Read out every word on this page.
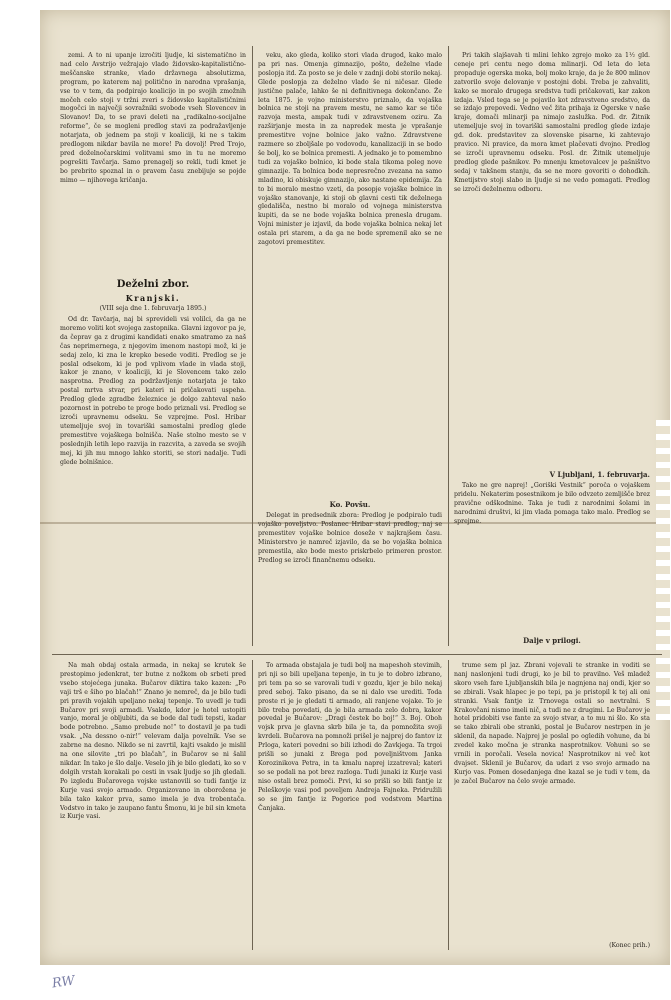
zemi. A to ni upanje izročiti ljudje, ki sistematično in nad celo Avstrijo vežrajajo vlado židovsko-kapitalistično-meščanske stranke, vlado državnega absolutizma, program, po katerem naj politično in narodna vprašanja, vse to v tem, da podpirajo koalicijo in po svojih zmožnih močeh celo stoji v tržni zveri s židovsko kapitalističnimi mogočci in največji sovražniki svobode vseh Slovencev in Slovanov! Da, to se pravi deleti na „radikalno-socijalne reforme“, če se mogleni predlog stavi za podražavljenje notarjata, ob jednem pa stoji v koaliciji, ki ne s takim predlogom nikdar bavila ne more! Pa dovolj! Pred Trojo, pred doželnočarskimi volitvami smo in tu ne moremo pogrešiti Tavčarja. Samo prenagelj so rekli, tudi kmet je bo prebrito spoznal in o pravem času znebijuje se pojde mimo — njihovega kričanja.

Deželni zbor.
Kranjski.
(VIII seja dne 1. februvarja 1895.)

Od dr. Tavčarja, naj bi sprevideli vsi volilci, da ga ne moremo voliti kot svojega zastopnika. Glavni izgovor pa je, da čeprav ga z drugimi kandidati enako smatramo za naš čas neprimernega, z njegovim imenom nastopi mož, ki je sedaj zelo, ki zna le krepko besede voditi. Predlog se je poslal odsekom, ki je pod vplivom vlade in vlada stoji, kakor je znano, v koaliciji, ki je Slovencem tako zelo nasprotna. Predlog za podržavljenje notarjata je tako postal mrtva stvar, pri kateri ni pričakovati uspeha. Predlog glede zgradbe železnice je dolgo zahteval našo pozornost in potrebo te proge bodo priznali vsi. Predlog se izroči upravnemu odseku. Se vzprejme. Posl. Hribar utemeljuje svoj in tovariški samostalni predlog glede premestitve vojaškega bolnišča. Naše stolno mesto se v poslednjih letih lepo razvija in razcvita, a zaveda se svojih mej, ki jih mu mnogo lahko storiti, se stori nadalje. Tudi glede bolnišnice.

veku, ako gleda, koliko stori vlada drugod, kako malo pa pri nas. Omenja gimnazijo, pošto, deželne vlade poslopja itd. Za posto se je dele v zadnji dobi storilo nekaj. Glede poslopja za deželno vlado še ni ničesar. Glede justične palače, lahko še ni definitivnega dokončano. Že leta 1875. je vojno ministerstvo priznalo, da vojaška bolnica ne stoji na pravem mestu, ne samo kar se tiče razvoja mesta, ampak tudi v zdravstvenem oziru. Za razširjanje mesta in za napredek mesta je vprašanje premestitve vojne bolnice jako važno. Zdravstvene razmere so zboljšale po vodovodu, kanalizaciji in se bodo še bolj, ko se bolnica premesti. A jednako je to pomembno tudi za vojaško bolnico, ki bode stala tikoma poleg nove gimnazije. Ta bolnica bode nepresrečno zvezana na samo mladino, ki obiskuje gimnazijo, ako nastane epidemija. Za to bi moralo mestno vzeti, da posopje vojaške bolnice in vojaško stanovanje, ki stoji ob glavni cesti tik deželnega gledališča, nestno bi moralo od vojnega ministerstva kupiti, da se ne bode vojaška bolnica prenesla drugam. Vojni minister je izjavil, da bode vojaška bolnica nekaj let ostala pri starem, a da ga ne bode spremenil ako se ne zagotovi premestitev.

Ko. Povšu.

Delegat in predsednik zbora: Predlog je podpiralo tudi vojaško poveljstvo. Poslanec Hribar stavi predlog, naj se premestitev vojaške bolnice doseže v najkrajšem času. Ministerstvo je namreč izjavilo, da se bo vojaška bolnica premestila, ako bode mesto priskrbelo primeren prostor. Predlog se izroči finančnemu odseku.

Pri takih slajšavah ti mlini lehko zgrejo moko za 1½ gld. ceneje pri centu nego doma mlinarji. Od leta do leta propaduje ogerska moka, bolj moko kraje, da je že 800 mlinov zatvorilo svoje delovanje v postojni dobi. Treba je zahvaliti, kako se moralo drugega sredstva tudi pričakovati, kar zakon izdaja. Vsled tega se je pojavilo kot zdravstveno sredstvo, da se izdajo prepovedi. Vedno več žita prihaja iz Ogerske v naše kraje, domači mlinarji pa nimajo zaslužka. Pod. dr. Žitnik utemeljuje svoj in tovariški samostalni predlog glede izdaje gd. dok. predstavitev za slovenske pisarne, ki zahtevajo pravico. Ni pravice, da mora kmet plačevati dvojno. Predlog se izroči upravnemu odseku. Posl. dr. Žitnik utemeljuje predlog glede pašnikov. Po mnenju kmetovalcev je pašništvo sedaj v takšnem stanju, da se ne more govoriti o dohodkih. Kmetijstvo stoji slabo in ljudje si ne vedo pomagati. Predlog se izroči deželnemu odboru.

V Ljubljani, 1. februvarja.

Tako ne gre naprej! „Goriški Vestnik“ poroča o vojaškem pridelu. Nekaterim posestnikom je bilo odvzeto zemljišče brez pravične odškodnine. Taka je tudi z narodnimi šolami in narodnimi društvi, ki jim vlada pomaga tako malo. Predlog se sprejme.

Dalje v prilogi.

Na mah obdaj ostala armada, in nekaj se krutek še prestopimo jedenkrat, ter butne z nožkom ob srbeti pred vsebo stojećega junaka. Bučarov diktira tako kazen: „Po vaji trš e šiho po blačah!“ Znano je nemreč, da je bilo tudi pri pravih vojakih upeljano nekaj tepenje. To uvedl je tudi Bučarov pri svoji armadi. Vsakdo, kdor je hotel ustopiti vanjo, moral je obljubiti, da se bode dal tudi tepsti, kadar bode potrebno. „Samo prebude no!“ to dostavil je pa tudi vsak. „Na dessno o-nir!“ velevam dalja povelnik. Vse se zabrne na desno. Nikdo se ni zavrtil, kajti vsakdo je mislil na one silovite „tri po blačah“, in Bučarov se ni šalil nikdar. In tako je šlo dalje. Veselo jih je bilo gledati, ko so v dolgih vrstah korakali po cesti in vsak ljudje so jih gledali. Po izgledu Bučarovega vojske ustanovili so tudi fantje iz Kurje vasi svojo armado. Organizovano in oborožena je bila tako kakor prva, samo imela je dva trobentača. Vodstvo in tako je zaupano fantu Šmonu, ki je bil sin kmeta iz Kurje vasi.

To armada obstajala je tudi bolj na mapeshoh stevimih, pri nji so bili upeljana tepenje, in tu je to dobro izbrano, pri tem pa so se varovali tudi v gozdu, kjer je bilo nekaj pred seboj. Tako pisano, da se ni dalo vse urediti. Toda proste ri je je gledati ti armado, ali ranjene vojake. To je bilo treba povedati, da je bila armada zelo dobra, kakor povedal je Bučarov: „Dragi čestek bo boj!“ 3. Boj. Oboh vojsk prva je glavna skrb bila je ta, da pomnožita svoji kvrdeli. Bučarova na pomnoži prišel je najprej do fantov iz Prloga, kateri povedni so bili izhodi do Žavkjega. Ta trgoi prišli so junaki z Brega pod poveljništvom Janka Korozinikova Petra, in ta kmalu naprej izzatreval; kateri so se podali na pot brez razloga. Tudi junaki iz Kurje vasi niso ostali brez pomoči. Prvi, ki so prišli so bili fantje iz Peleškovje vasi pod poveljem Andreja Fajneka. Pridružili so se jim fantje iz Pogorice pod vodstvom Martina Čanjaka.

trume sem pl jaz. Zbrani vojevali te stranke in voditi se nanj naslonjeni tudi drugi, ko je bil to pravilno. Veš mladež skoro vseh fare Ljubljanskih bila je nagnjena naj ondi, kjer so se zbirali. Vsak hlapec je po tepi, pa je pristopil k tej ali oni stranki. Vsak fantje iz Trnovega ostali so nevtralni. S Krakovčani nismo imeli nič, a tudi ne z drugimi. Le Bučarov je hotel pridobiti vse fante za svojo stvar, a to mu ni šlo. Ko sta se tako zbirali obe stranki, postal je Bučarov nestrpen in je sklenil, da napade. Najprej je poslal po ogledih vohune, da bi zvedel kako močna je stranka nasprotnikov. Vohuni so se vrnili in poročali. Vesela novica! Nasprotnikov ni več kot dvajset. Sklenil je Bučarov, da udari z vso svojo armado na Kurjo vas. Pomen dosedanjega dne kazal se je tudi v tem, da je začel Bučarov na čelo svoje armade.

(Konec prih.)
RW
